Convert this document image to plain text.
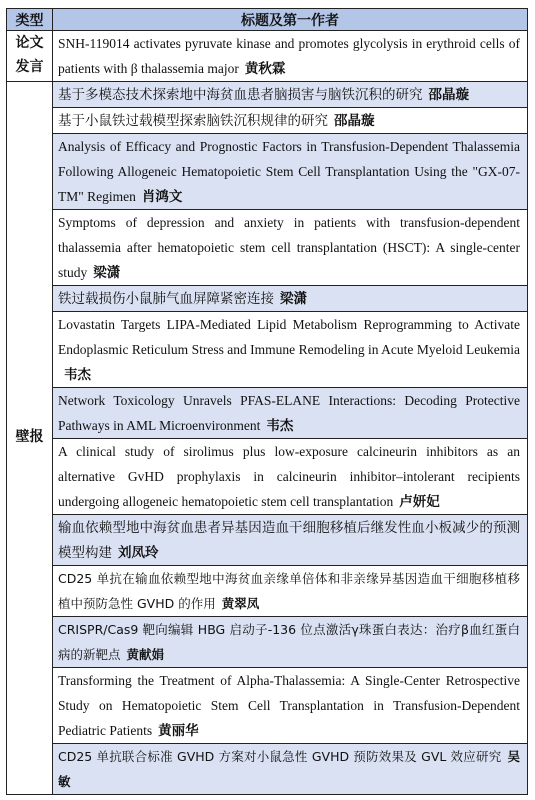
类型	标题及第一作者
论文发言	SNH-119014 activates pyruvate kinase and promotes glycolysis in erythroid cells of patients with β thalassemia major 黄秋霖
壁报	基于多模态技术探索地中海贫血患者脑损害与脑铁沉积的研究 邵晶璇
	基于小鼠铁过载模型探索脑铁沉积规律的研究 邵晶璇
	Analysis of Efficacy and Prognostic Factors in Transfusion-Dependent Thalassemia Following Allogeneic Hematopoietic Stem Cell Transplantation Using the "GX-07-TM" Regimen 肖鸿文
	Symptoms of depression and anxiety in patients with transfusion-dependent thalassemia after hematopoietic stem cell transplantation (HSCT): A single-center study 梁潇
	铁过载损伤小鼠肺气血屏障紧密连接 梁潇
	Lovastatin Targets LIPA-Mediated Lipid Metabolism Reprogramming to Activate Endoplasmic Reticulum Stress and Immune Remodeling in Acute Myeloid Leukemia韦杰
	Network Toxicology Unravels PFAS-ELANE Interactions: Decoding Protective Pathways in AML Microenvironment 韦杰
	A clinical study of sirolimus plus low-exposure calcineurin inhibitors as an alternative GvHD prophylaxis in calcineurin inhibitor–intolerant recipients undergoing allogeneic hematopoietic stem cell transplantation 卢妍妃
	输血依赖型地中海贫血患者异基因造血干细胞移植后继发性血小板减少的预测模型构建 刘凤玲
	CD25 单抗在输血依赖型地中海贫血亲缘单倍体和非亲缘异基因造血干细胞移植移植中预防急性 GVHD 的作用 黄翠凤
	CRISPR/Cas9 靶向编辑 HBG 启动子-136 位点激活γ珠蛋白表达：治疗β血红蛋白病的新靶点 黄献娟
	Transforming the Treatment of Alpha-Thalassemia: A Single-Center Retrospective Study on Hematopoietic Stem Cell Transplantation in Transfusion-Dependent Pediatric Patients 黄丽华
	CD25 单抗联合标准 GVHD 方案对小鼠急性 GVHD 预防效果及 GVL 效应研究 吴敏
